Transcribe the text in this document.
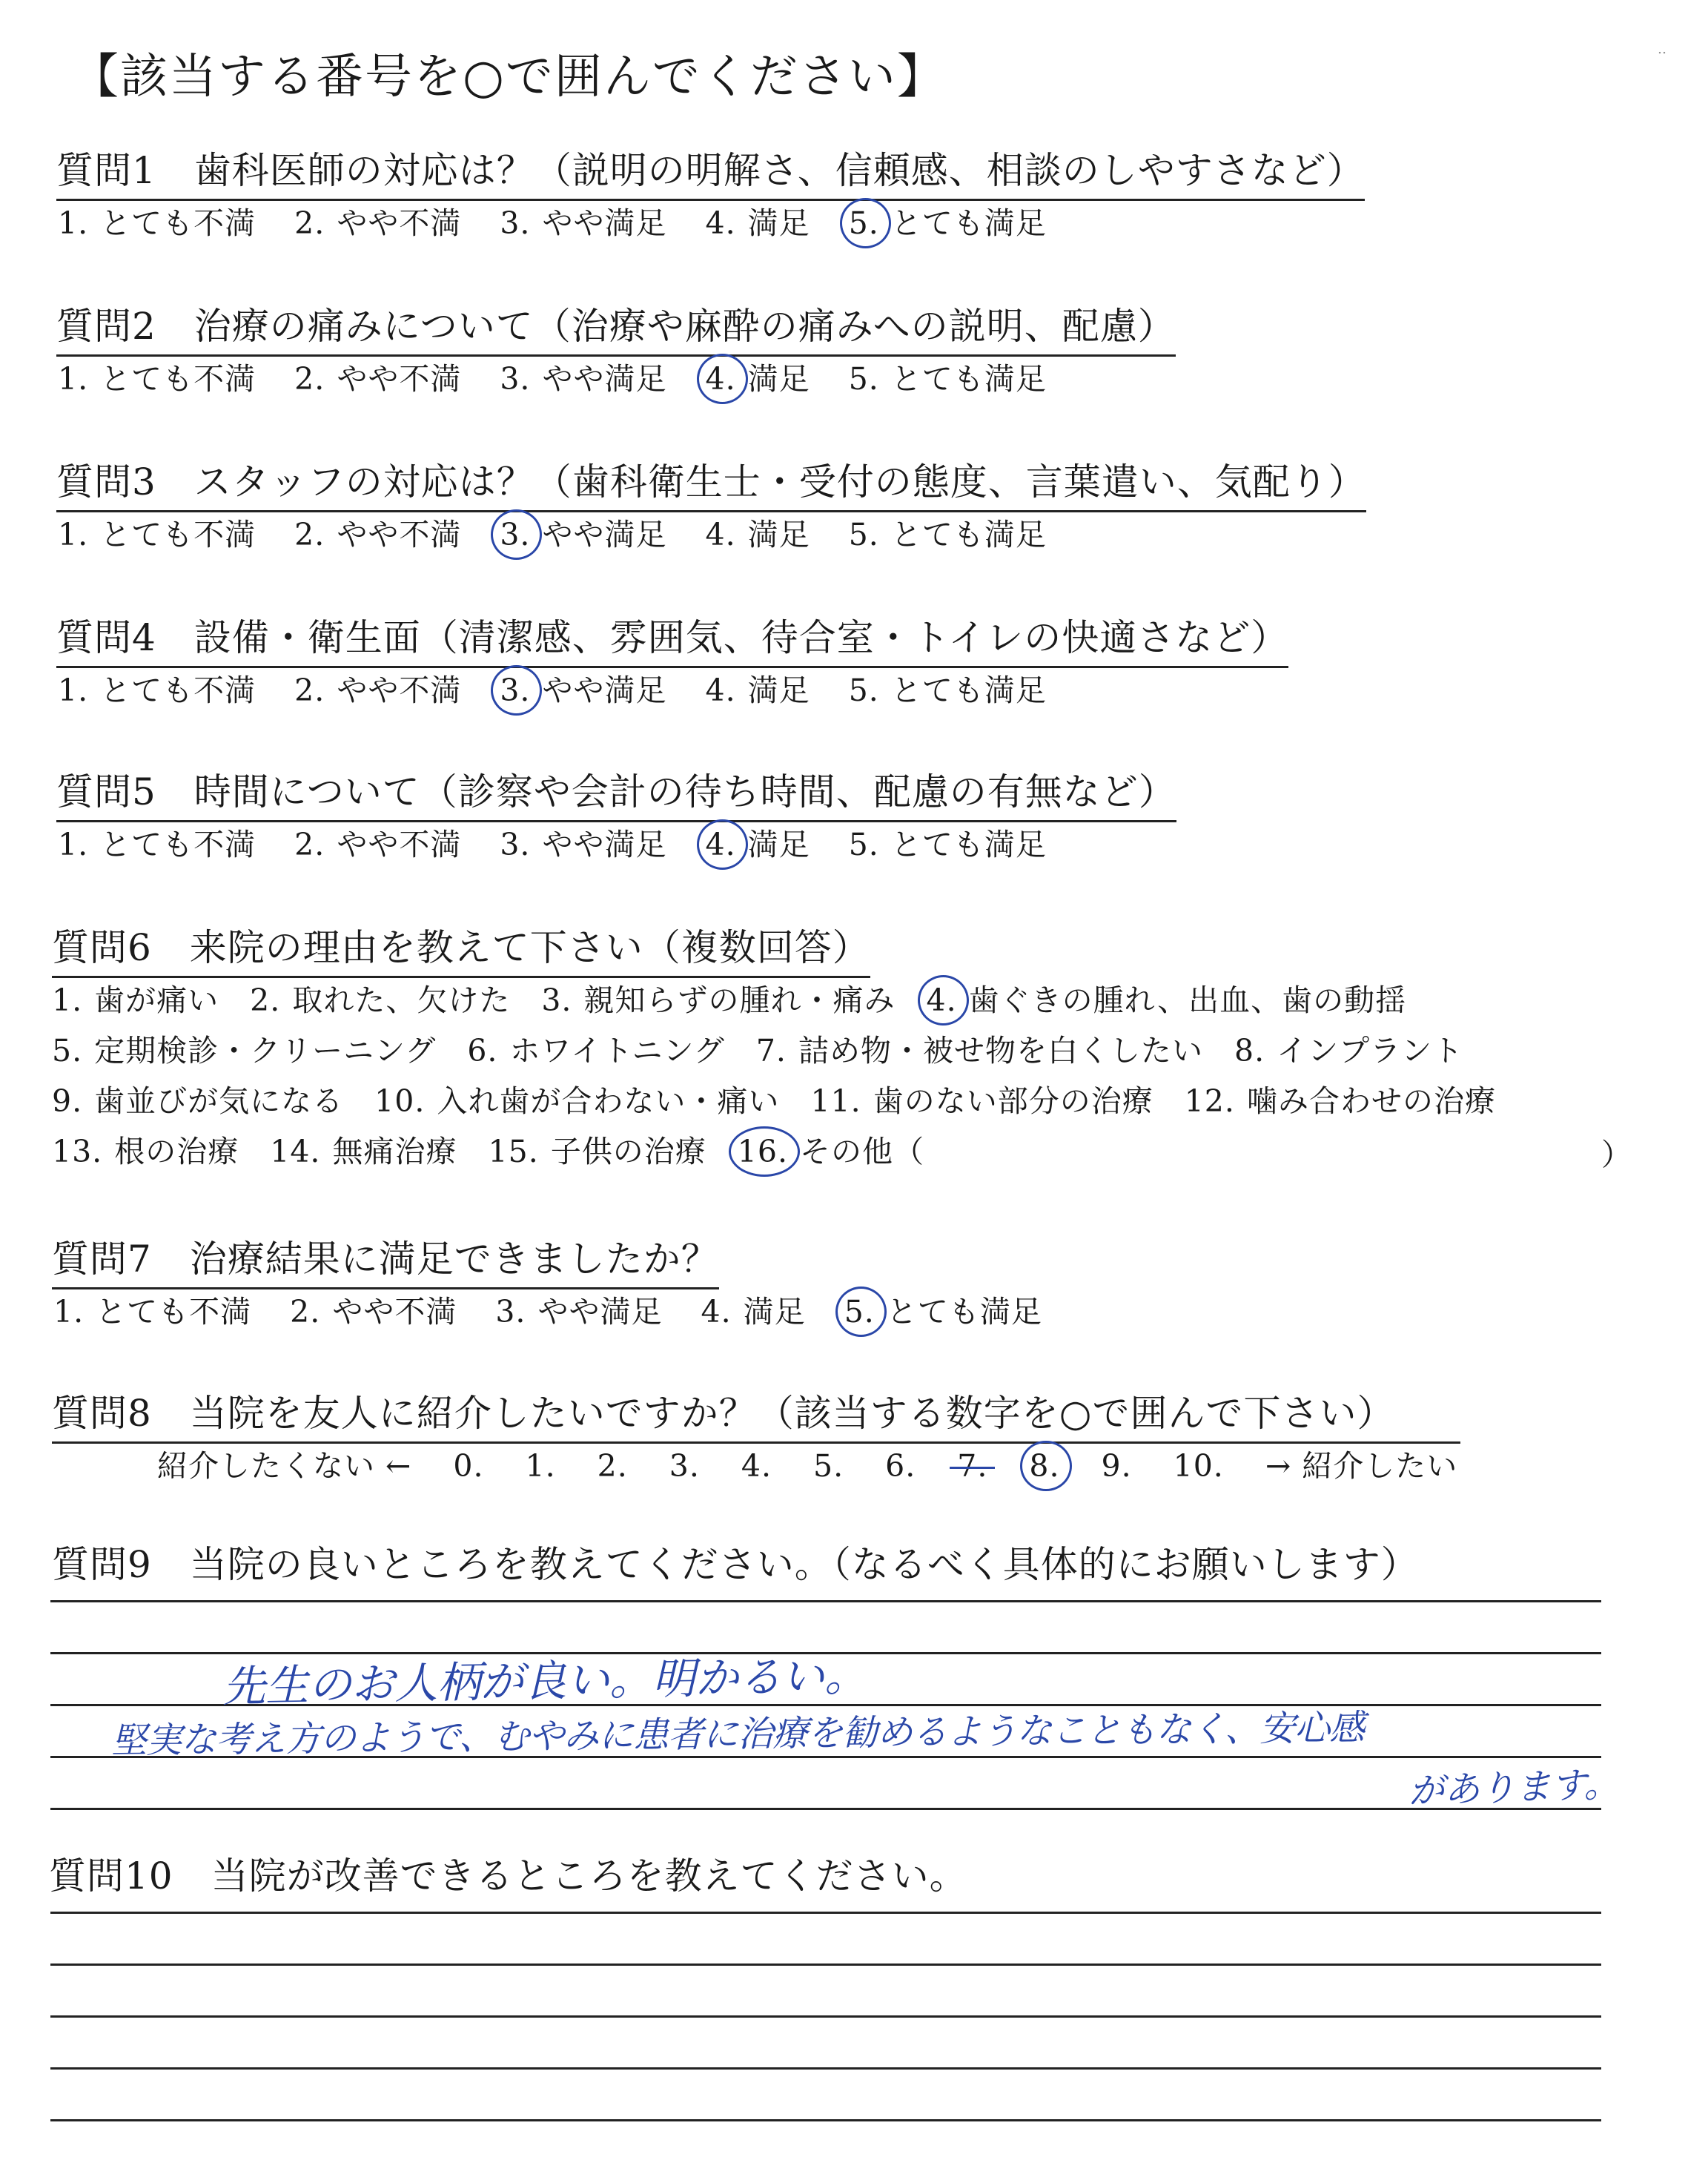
‥
【該当する番号を○で囲んでください】
質問1　歯科医師の対応は？（説明の明解さ、信頼感、相談のしやすさなど）
1. とても不満 2. やや不満 3. やや満足 4. 満足 5. とても満足
質問2　治療の痛みについて（治療や麻酔の痛みへの説明、配慮）
1. とても不満 2. やや不満 3. やや満足 4. 満足 5. とても満足
質問3　スタッフの対応は？（歯科衛生士・受付の態度、言葉遣い、気配り）
1. とても不満 2. やや不満 3. やや満足 4. 満足 5. とても満足
質問4　設備・衛生面（清潔感、雰囲気、待合室・トイレの快適さなど）
1. とても不満 2. やや不満 3. やや満足 4. 満足 5. とても満足
質問5　時間について（診察や会計の待ち時間、配慮の有無など）
1. とても不満 2. やや不満 3. やや満足 4. 満足 5. とても満足
質問6　来院の理由を教えて下さい（複数回答）
1. 歯が痛い 2. 取れた、欠けた 3. 親知らずの腫れ・痛み 4. 歯ぐきの腫れ、出血、歯の動揺
5. 定期検診・クリーニング 6. ホワイトニング 7. 詰め物・被せ物を白くしたい 8. インプラント
9. 歯並びが気になる 10. 入れ歯が合わない・痛い 11. 歯のない部分の治療 12. 噛み合わせの治療
13. 根の治療 14. 無痛治療 15. 子供の治療 16. その他（	）
質問7　治療結果に満足できましたか？
1. とても不満 2. やや不満 3. やや満足 4. 満足 5. とても満足
質問8　当院を友人に紹介したいですか？（該当する数字を○で囲んで下さい）
紹介したくない ← 0. 1. 2. 3. 4. 5. 6. 7. 8. 9. 10. → 紹介したい
質問9　当院の良いところを教えてください。（なるべく具体的にお願いします）
先生のお人柄が良い。明かるい。
堅実な考え方のようで、むやみに患者に治療を勧めるようなこともなく、安心感
があります。
質問10　当院が改善できるところを教えてください。
